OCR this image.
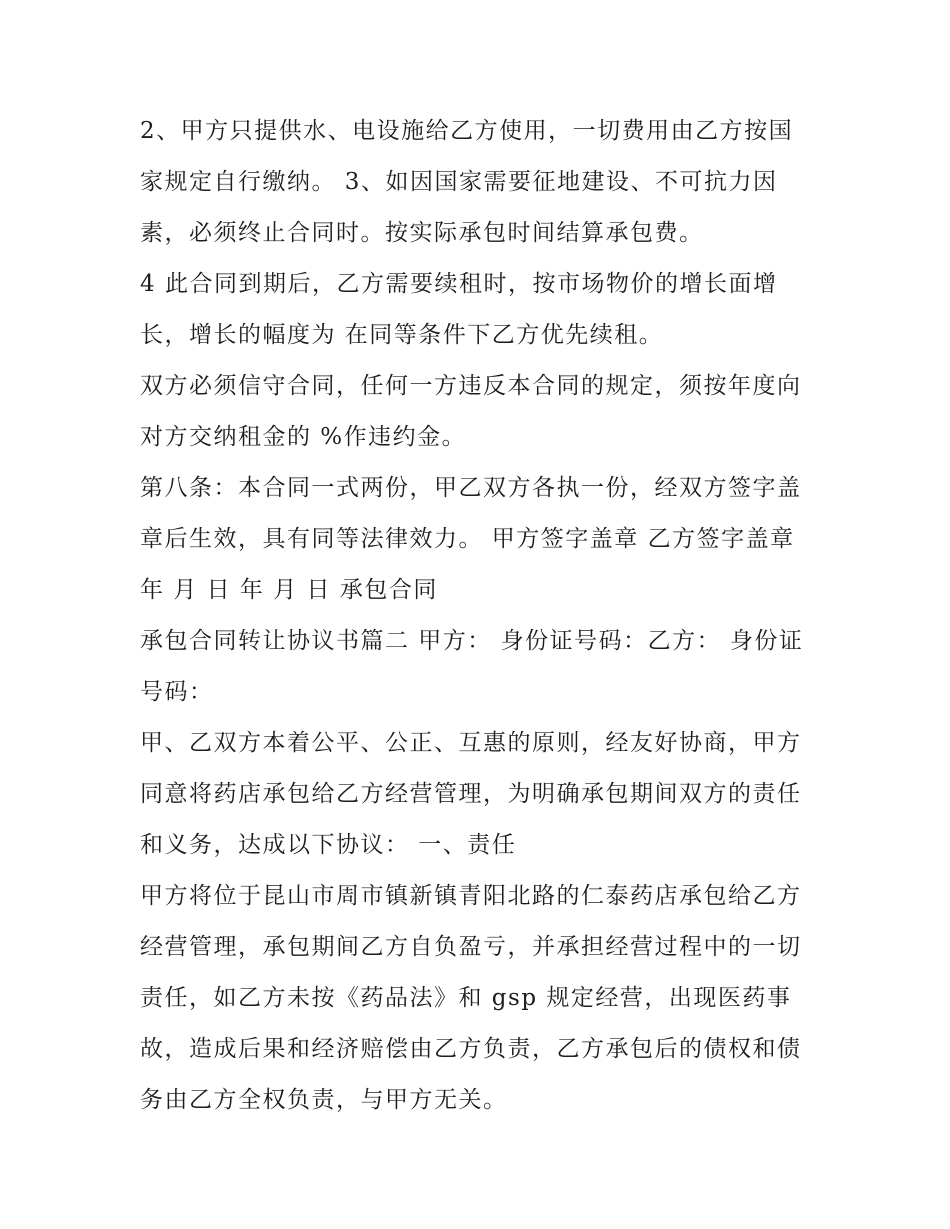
2、甲方只提供水、电设施给乙方使用，一切费用由乙方按国
家规定自行缴纳。 3、如因国家需要征地建设、不可抗力因
素，必须终止合同时。按实际承包时间结算承包费。
4 此合同到期后，乙方需要续租时，按市场物价的增长面增
长，增长的幅度为 在同等条件下乙方优先续租。
双方必须信守合同，任何一方违反本合同的规定，须按年度向
对方交纳租金的 %作违约金。
第八条：本合同一式两份，甲乙双方各执一份，经双方签字盖
章后生效，具有同等法律效力。 甲方签字盖章 乙方签字盖章
年 月 日 年 月 日 承包合同
承包合同转让协议书篇二 甲方： 身份证号码：乙方： 身份证
号码：
甲、乙双方本着公平、公正、互惠的原则，经友好协商，甲方
同意将药店承包给乙方经营管理，为明确承包期间双方的责任
和义务，达成以下协议： 一、责任
甲方将位于昆山市周市镇新镇青阳北路的仁泰药店承包给乙方
经营管理，承包期间乙方自负盈亏，并承担经营过程中的一切
责任，如乙方未按《药品法》和 gsp 规定经营，出现医药事
故，造成后果和经济赔偿由乙方负责，乙方承包后的债权和债
务由乙方全权负责，与甲方无关。
